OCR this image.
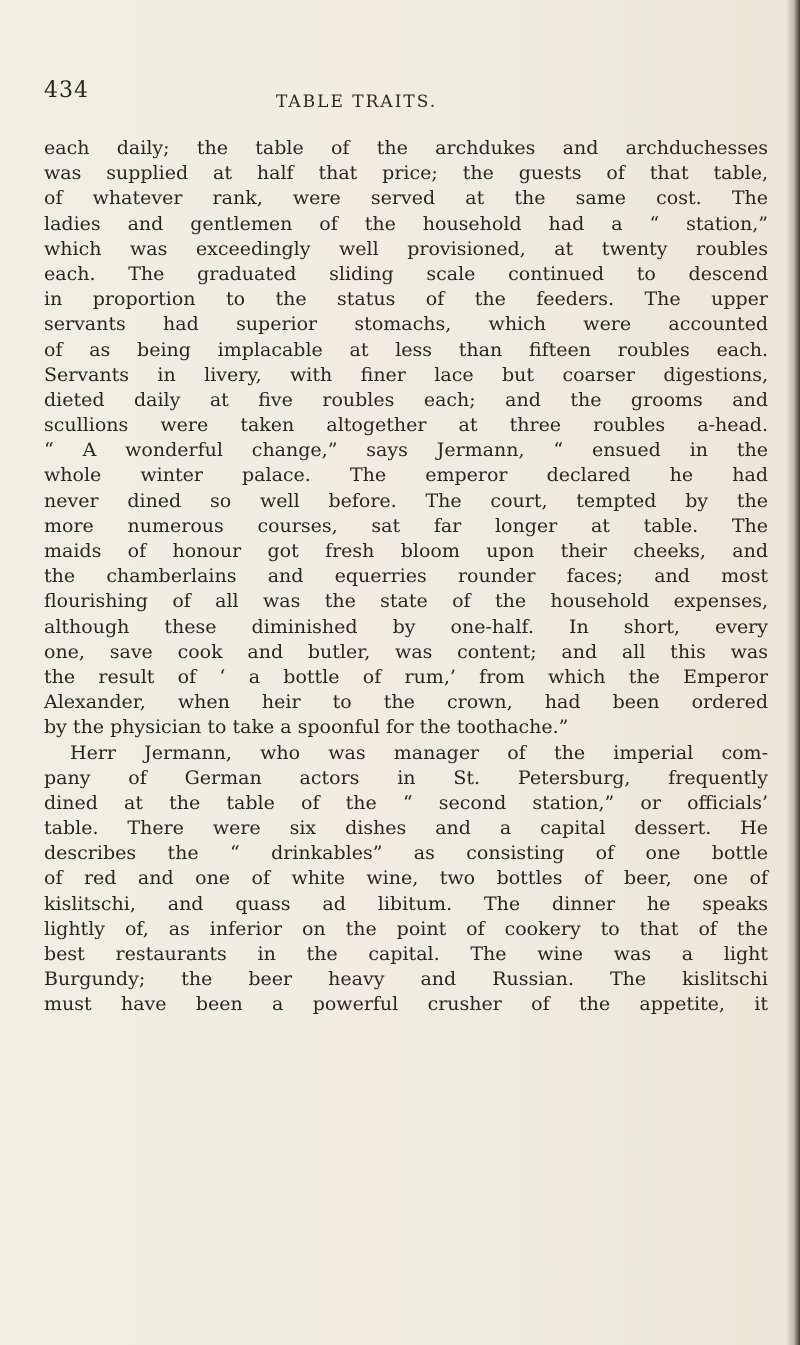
434	TABLE TRAITS.
each daily; the table of the archdukes and archduchesses
was supplied at half that price; the guests of that table,
of whatever rank, were served at the same cost. The
ladies and gentlemen of the household had a “ station,”
which was exceedingly well provisioned, at twenty roubles
each. The graduated sliding scale continued to descend
in proportion to the status of the feeders. The upper
servants had superior stomachs, which were accounted
of as being implacable at less than fifteen roubles each.
Servants in livery, with finer lace but coarser digestions,
dieted daily at five roubles each; and the grooms and
scullions were taken altogether at three roubles a-head.
“ A wonderful change,” says Jermann, “ ensued in the
whole winter palace. The emperor declared he had
never dined so well before. The court, tempted by the
more numerous courses, sat far longer at table. The
maids of honour got fresh bloom upon their cheeks, and
the chamberlains and equerries rounder faces; and most
flourishing of all was the state of the household expenses,
although these diminished by one-half. In short, every
one, save cook and butler, was content; and all this was
the result of ‘ a bottle of rum,’ from which the Emperor
Alexander, when heir to the crown, had been ordered
by the physician to take a spoonful for the toothache.”
Herr Jermann, who was manager of the imperial com-
pany of German actors in St. Petersburg, frequently
dined at the table of the “ second station,” or officials’
table. There were six dishes and a capital dessert. He
describes the “ drinkables” as consisting of one bottle
of red and one of white wine, two bottles of beer, one of
kislitschi, and quass ad libitum. The dinner he speaks
lightly of, as inferior on the point of cookery to that of the
best restaurants in the capital. The wine was a light
Burgundy; the beer heavy and Russian. The kislitschi
must have been a powerful crusher of the appetite, it
